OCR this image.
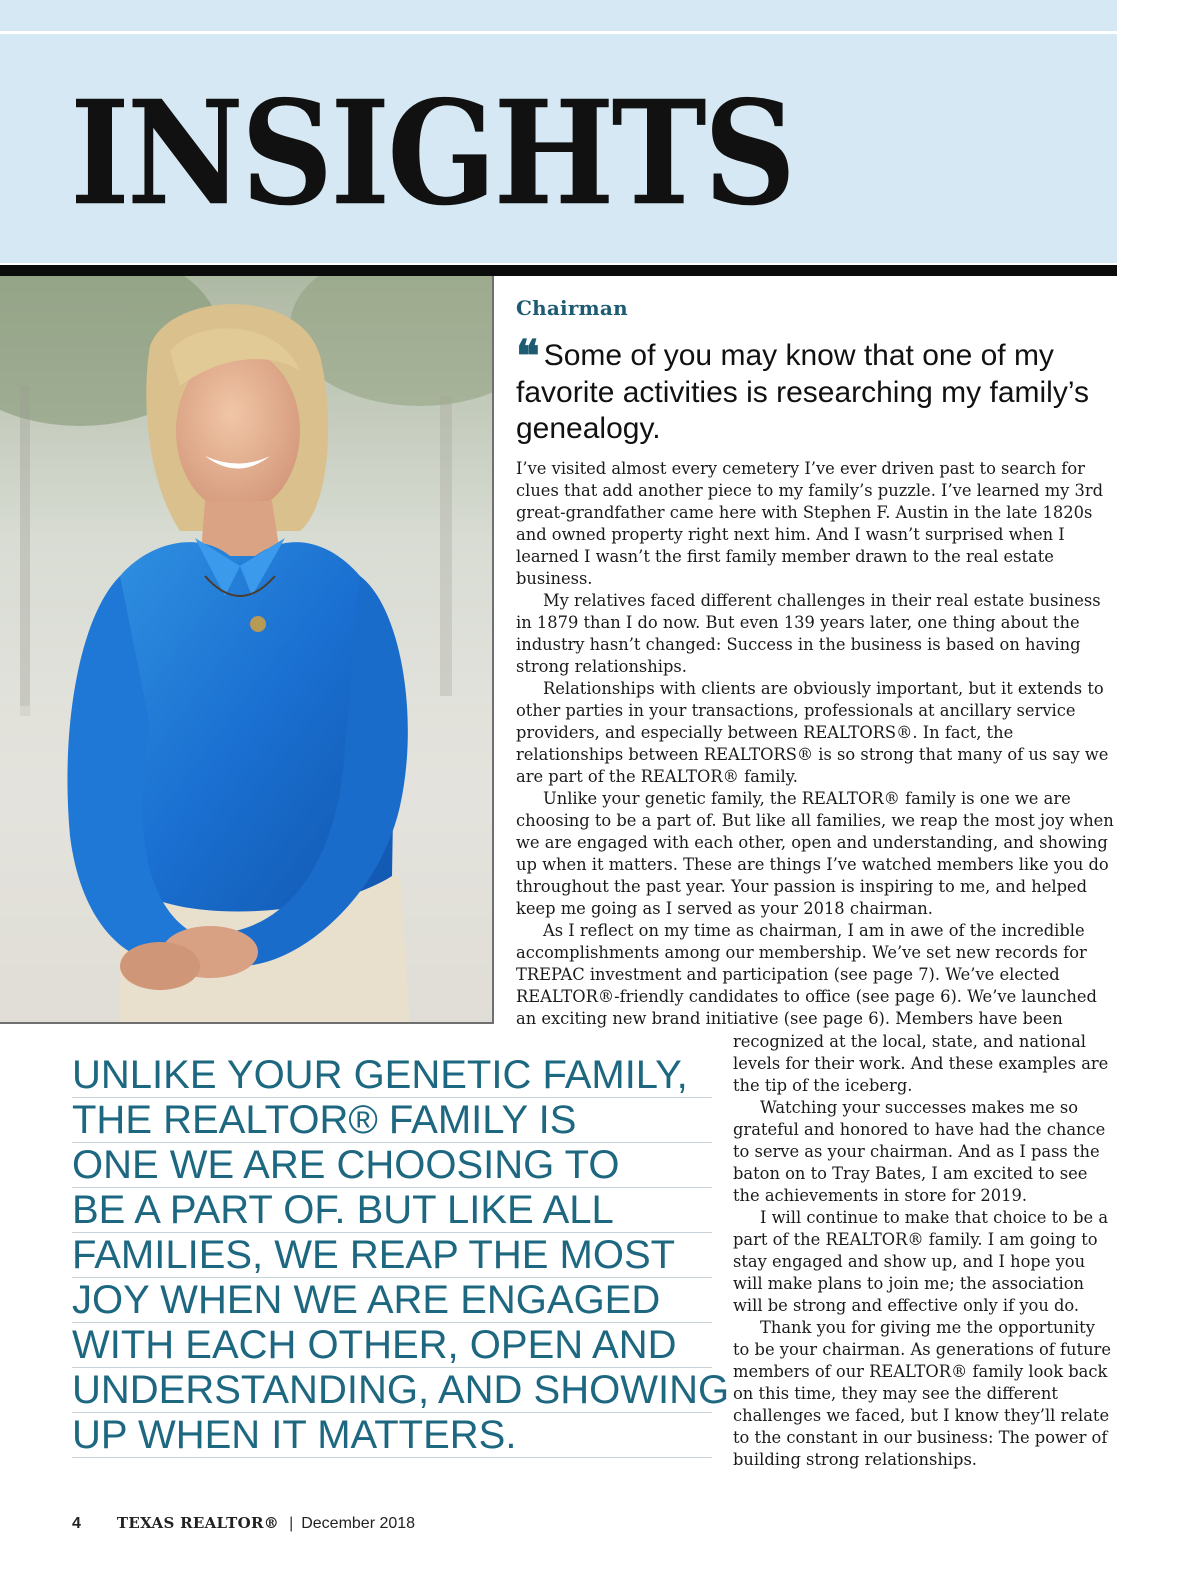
INSIGHTS
Chairman

❝ Some of you may know that one of my favorite activities is researching my family’s genealogy.

I’ve visited almost every cemetery I’ve ever driven past to search for clues that add another piece to my family’s puzzle. I’ve learned my 3rd great-grandfather came here with Stephen F. Austin in the late 1820s and owned property right next him. And I wasn’t surprised when I learned I wasn’t the first family member drawn to the real estate business.

My relatives faced different challenges in their real estate business in 1879 than I do now. But even 139 years later, one thing about the industry hasn’t changed: Success in the business is based on having strong relationships.

Relationships with clients are obviously important, but it extends to other parties in your transactions, professionals at ancillary service providers, and especially between REALTORS®. In fact, the relationships between REALTORS® is so strong that many of us say we are part of the REALTOR® family.

Unlike your genetic family, the REALTOR® family is one we are choosing to be a part of. But like all families, we reap the most joy when we are engaged with each other, open and understanding, and showing up when it matters. These are things I’ve watched members like you do throughout the past year. Your passion is inspiring to me, and helped keep me going as I served as your 2018 chairman.

As I reflect on my time as chairman, I am in awe of the incredible accomplishments among our membership. We’ve set new records for TREPAC investment and participation (see page 7). We’ve elected REALTOR®-friendly candidates to office (see page 6). We’ve launched an exciting new brand initiative (see page 6). Members have been

recognized at the local, state, and national levels for their work. And these examples are the tip of the iceberg.

Watching your successes makes me so grateful and honored to have had the chance to serve as your chairman. And as I pass the baton on to Tray Bates, I am excited to see the achievements in store for 2019.

I will continue to make that choice to be a part of the REALTOR® family. I am going to stay engaged and show up, and I hope you will make plans to join me; the association will be strong and effective only if you do.

Thank you for giving me the opportunity to be your chairman. As generations of future members of our REALTOR® family look back on this time, they may see the different challenges we faced, but I know they’ll relate to the constant in our business: The power of building strong relationships.

UNLIKE YOUR GENETIC FAMILY,
THE REALTOR® FAMILY IS
ONE WE ARE CHOOSING TO
BE A PART OF. BUT LIKE ALL
FAMILIES, WE REAP THE MOST
JOY WHEN WE ARE ENGAGED
WITH EACH OTHER, OPEN AND
UNDERSTANDING, AND SHOWING
UP WHEN IT MATTERS.
4 TEXAS REALTOR® | December 2018
